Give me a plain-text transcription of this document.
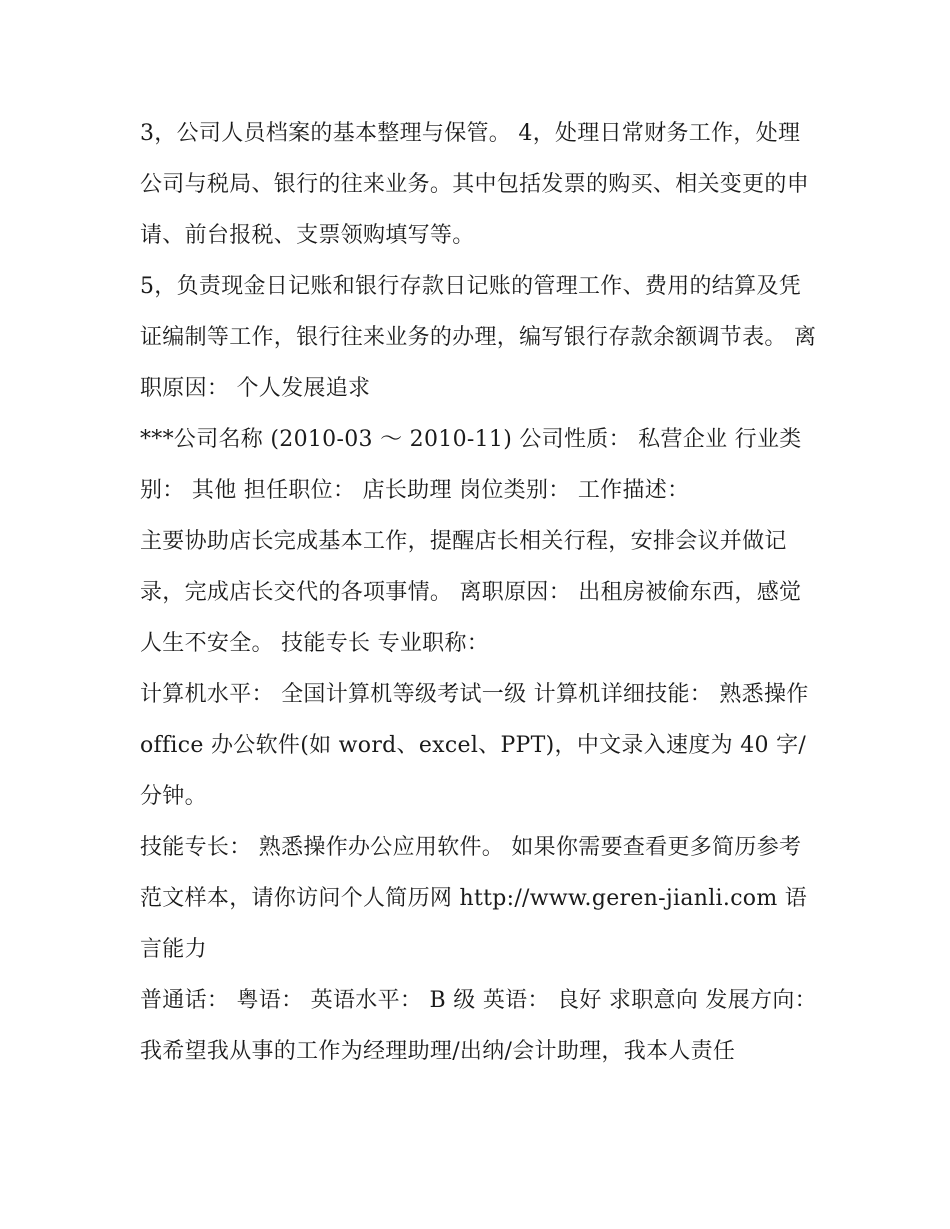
3，公司人员档案的基本整理与保管。 4，处理日常财务工作，处理公司与税局、银行的往来业务。其中包括发票的购买、相关变更的申请、前台报税、支票领购填写等。

5，负责现金日记账和银行存款日记账的管理工作、费用的结算及凭证编制等工作，银行往来业务的办理，编写银行存款余额调节表。 离职原因： 个人发展追求

***公司名称 (2010-03 ～ 2010-11) 公司性质： 私营企业 行业类别： 其他 担任职位： 店长助理 岗位类别： 工作描述：

主要协助店长完成基本工作，提醒店长相关行程，安排会议并做记录，完成店长交代的各项事情。 离职原因： 出租房被偷东西，感觉人生不安全。 技能专长 专业职称：

计算机水平： 全国计算机等级考试一级 计算机详细技能： 熟悉操作 office 办公软件(如 word、excel、PPT)，中文录入速度为 40 字/分钟。

技能专长： 熟悉操作办公应用软件。 如果你需要查看更多简历参考范文样本，请你访问个人简历网 http://www.geren-jianli.com 语言能力

普通话： 粤语： 英语水平： B 级 英语： 良好 求职意向 发展方向：

我希望我从事的工作为经理助理/出纳/会计助理，我本人责任
